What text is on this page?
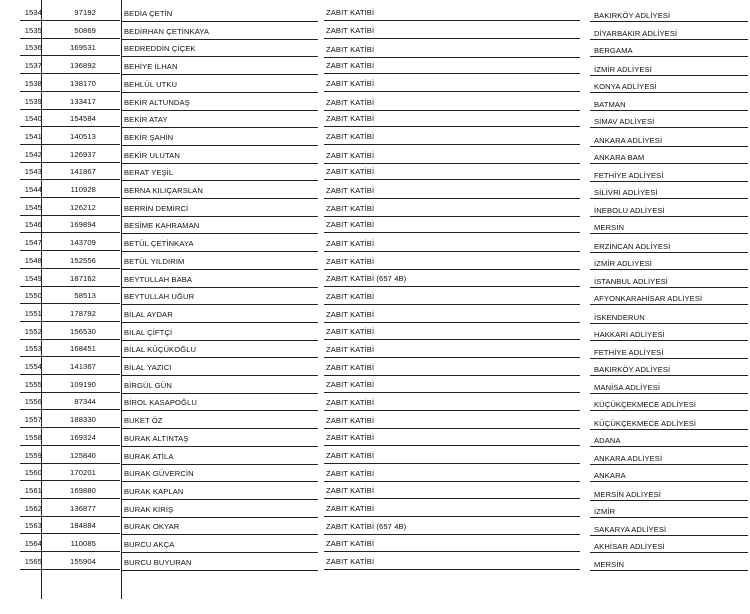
1534	97192	BEDİA ÇETİN	ZABIT KATİBİ	BAKIRKÖY ADLİYESİ
1535	50869	BEDİRHAN ÇETİNKAYA	ZABIT KATİBİ	DİYARBAKIR ADLİYESİ
1536	169531	BEDREDDİN ÇİÇEK	ZABIT KATİBİ	BERGAMA
1537	136892	BEHİYE İLHAN	ZABIT KATİBİ	İZMİR ADLİYESİ
1538	138170	BEHLÜL UTKU	ZABIT KATİBİ	KONYA ADLİYESİ
1539	133417	BEKİR ALTUNDAŞ	ZABIT KATİBİ	BATMAN
1540	154584	BEKİR ATAY	ZABIT KATİBİ	SİMAV ADLİYESİ
1541	140513	BEKİR ŞAHİN	ZABIT KATİBİ	ANKARA ADLİYESİ
1542	126937	BEKİR ULUTAN	ZABIT KATİBİ	ANKARA BAM
1543	141867	BERAT YEŞİL	ZABIT KATİBİ	FETHİYE ADLİYESİ
1544	110928	BERNA KILIÇARSLAN	ZABIT KATİBİ	SİLİVRİ ADLİYESİ
1545	126212	BERRİN DEMİRCİ	ZABIT KATİBİ	İNEBOLU ADLİYESİ
1546	169894	BESİME KAHRAMAN	ZABIT KATİBİ	MERSİN
1547	143709	BETÜL ÇETİNKAYA	ZABIT KATİBİ	ERZİNCAN ADLİYESİ
1548	152556	BETÜL YILDIRIM	ZABIT KATİBİ	İZMİR ADLİYESİ
1549	187162	BEYTULLAH BABA	ZABIT KATİBİ (657 4B)	İSTANBUL ADLİYESİ
1550	58513	BEYTULLAH UĞUR	ZABIT KATİBİ	AFYONKARAHİSAR ADLİYESİ
1551	178792	BİLAL AYDAR	ZABIT KATİBİ	İSKENDERUN
1552	156530	BİLAL ÇİFTÇİ	ZABIT KATİBİ	HAKKARİ ADLİYESİ
1553	168451	BİLAL KÜÇÜKOĞLU	ZABIT KATİBİ	FETHİYE ADLİYESİ
1554	141367	BİLAL YAZICI	ZABIT KATİBİ	BAKIRKÖY ADLİYESİ
1555	109190	BİRGÜL GÜN	ZABIT KATİBİ	MANİSA ADLİYESİ
1556	87344	BİROL KASAPOĞLU	ZABIT KATİBİ	KÜÇÜKÇEKMECE ADLİYESİ
1557	188330	BUKET ÖZ	ZABIT KATİBİ	KÜÇÜKÇEKMECE ADLİYESİ
1558	169324	BURAK ALTINTAŞ	ZABIT KATİBİ	ADANA
1559	125840	BURAK ATİLA	ZABIT KATİBİ	ANKARA ADLİYESİ
1560	170201	BURAK GÜVERCİN	ZABIT KATİBİ	ANKARA
1561	169880	BURAK KAPLAN	ZABIT KATİBİ	MERSİN ADLİYESİ
1562	136877	BURAK KİRİŞ	ZABIT KATİBİ	İZMİR
1563	184884	BURAK OKYAR	ZABIT KATİBİ (657 4B)	SAKARYA ADLİYESİ
1564	110085	BURCU AKÇA	ZABIT KATİBİ	AKHİSAR ADLİYESİ
1565	155904	BURCU BUYURAN	ZABIT KATİBİ	MERSİN
